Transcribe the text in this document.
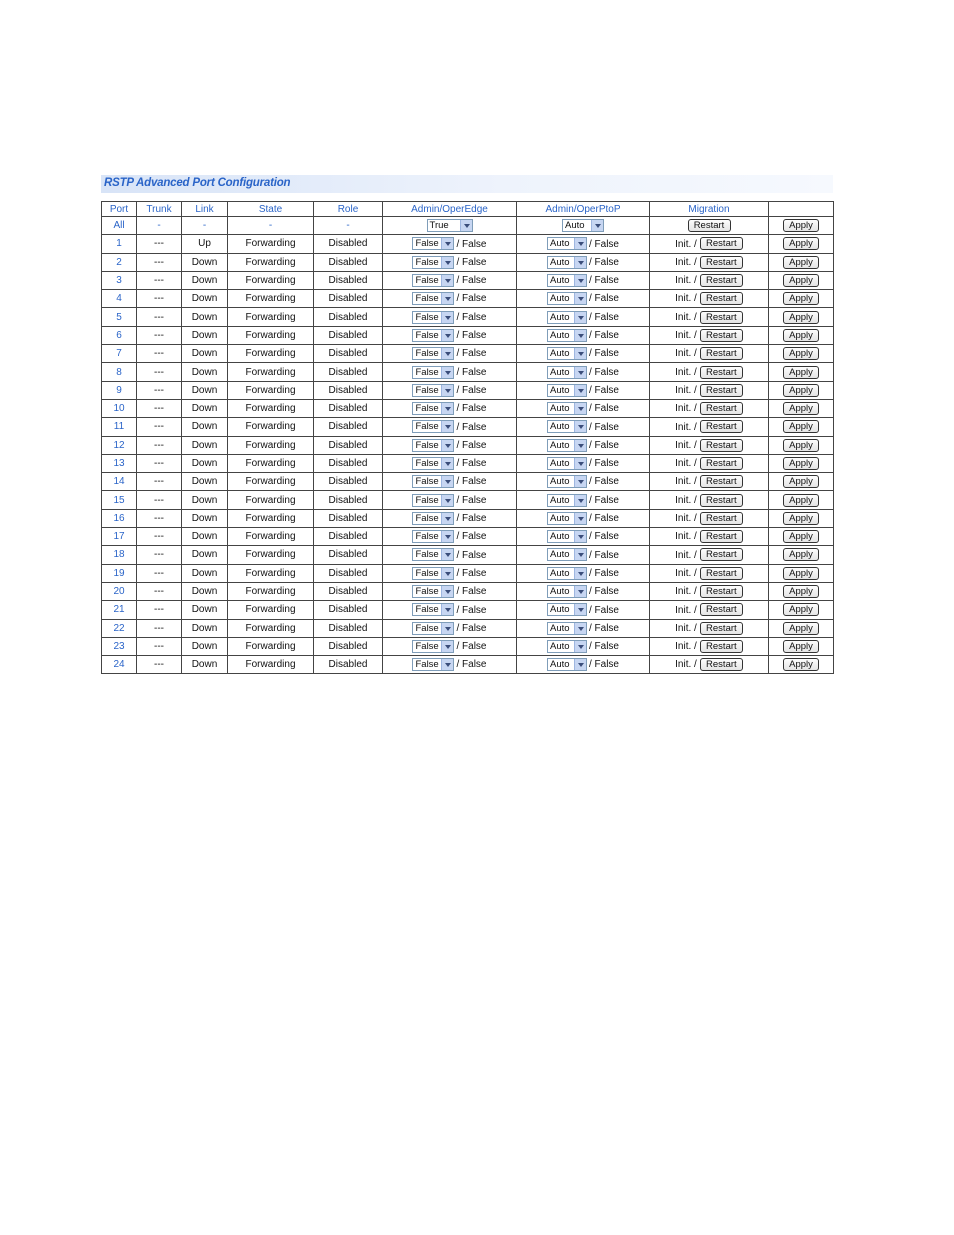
RSTP Advanced Port Configuration
Port	Trunk	Link	State	Role	Admin/OperEdge	Admin/OperPtoP	Migration	
All	-	-	-	-	True	Auto	Restart	Apply
1	---	Up	Forwarding	Disabled	False / False	Auto / False	Init. / Restart	Apply
2	---	Down	Forwarding	Disabled	False / False	Auto / False	Init. / Restart	Apply
3	---	Down	Forwarding	Disabled	False / False	Auto / False	Init. / Restart	Apply
4	---	Down	Forwarding	Disabled	False / False	Auto / False	Init. / Restart	Apply
5	---	Down	Forwarding	Disabled	False / False	Auto / False	Init. / Restart	Apply
6	---	Down	Forwarding	Disabled	False / False	Auto / False	Init. / Restart	Apply
7	---	Down	Forwarding	Disabled	False / False	Auto / False	Init. / Restart	Apply
8	---	Down	Forwarding	Disabled	False / False	Auto / False	Init. / Restart	Apply
9	---	Down	Forwarding	Disabled	False / False	Auto / False	Init. / Restart	Apply
10	---	Down	Forwarding	Disabled	False / False	Auto / False	Init. / Restart	Apply
11	---	Down	Forwarding	Disabled	False / False	Auto / False	Init. / Restart	Apply
12	---	Down	Forwarding	Disabled	False / False	Auto / False	Init. / Restart	Apply
13	---	Down	Forwarding	Disabled	False / False	Auto / False	Init. / Restart	Apply
14	---	Down	Forwarding	Disabled	False / False	Auto / False	Init. / Restart	Apply
15	---	Down	Forwarding	Disabled	False / False	Auto / False	Init. / Restart	Apply
16	---	Down	Forwarding	Disabled	False / False	Auto / False	Init. / Restart	Apply
17	---	Down	Forwarding	Disabled	False / False	Auto / False	Init. / Restart	Apply
18	---	Down	Forwarding	Disabled	False / False	Auto / False	Init. / Restart	Apply
19	---	Down	Forwarding	Disabled	False / False	Auto / False	Init. / Restart	Apply
20	---	Down	Forwarding	Disabled	False / False	Auto / False	Init. / Restart	Apply
21	---	Down	Forwarding	Disabled	False / False	Auto / False	Init. / Restart	Apply
22	---	Down	Forwarding	Disabled	False / False	Auto / False	Init. / Restart	Apply
23	---	Down	Forwarding	Disabled	False / False	Auto / False	Init. / Restart	Apply
24	---	Down	Forwarding	Disabled	False / False	Auto / False	Init. / Restart	Apply
